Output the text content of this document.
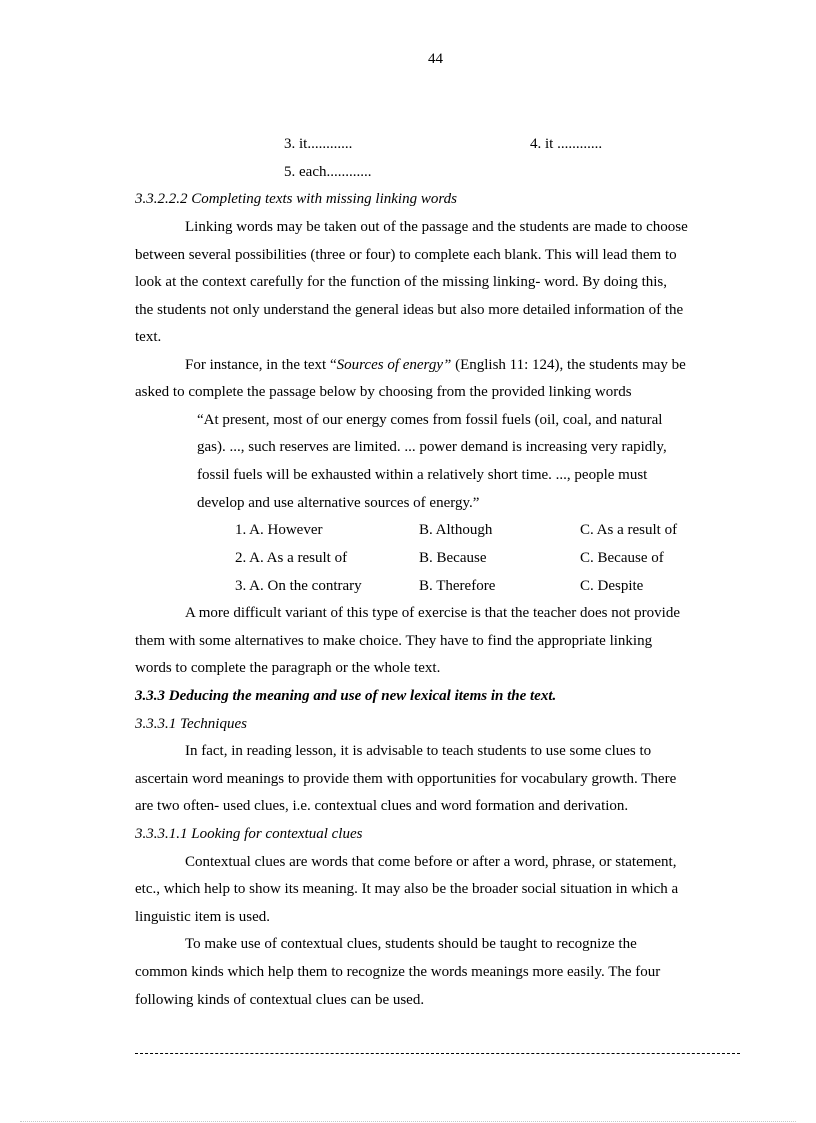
44
3. it............	4. it ............
5. each............
3.3.2.2.2 Completing texts with missing linking words
Linking words may be taken out of the passage and the students are made to choose
between several possibilities (three or four) to complete each blank. This will lead them to
look at the context carefully for the function of the missing linking- word. By doing this,
the students not only understand the general ideas but also more detailed information of the
text.
For instance, in the text “Sources of energy” (English 11: 124), the students may be
asked to complete the passage below by choosing from the provided linking words
“At present, most of our energy comes from fossil fuels (oil, coal, and natural
gas). ..., such reserves are limited. ... power demand is increasing very rapidly,
fossil fuels will be exhausted within a relatively short time. ..., people must
develop and use alternative sources of energy.”
1. A. However	B. Although	C. As a result of
2. A. As a result of	B. Because	C. Because of
3. A. On the contrary	B. Therefore	C. Despite
A more difficult variant of this type of exercise is that the teacher does not provide
them with some alternatives to make choice. They have to find the appropriate linking
words to complete the paragraph or the whole text.
3.3.3 Deducing the meaning and use of new lexical items in the text.
3.3.3.1 Techniques
In fact, in reading lesson, it is advisable to teach students to use some clues to
ascertain word meanings to provide them with opportunities for vocabulary growth. There
are two often- used clues, i.e. contextual clues and word formation and derivation.
3.3.3.1.1 Looking for contextual clues
Contextual clues are words that come before or after a word, phrase, or statement,
etc., which help to show its meaning. It may also be the broader social situation in which a
linguistic item is used.
To make use of contextual clues, students should be taught to recognize the
common kinds which help them to recognize the words meanings more easily. The four
following kinds of contextual clues can be used.
